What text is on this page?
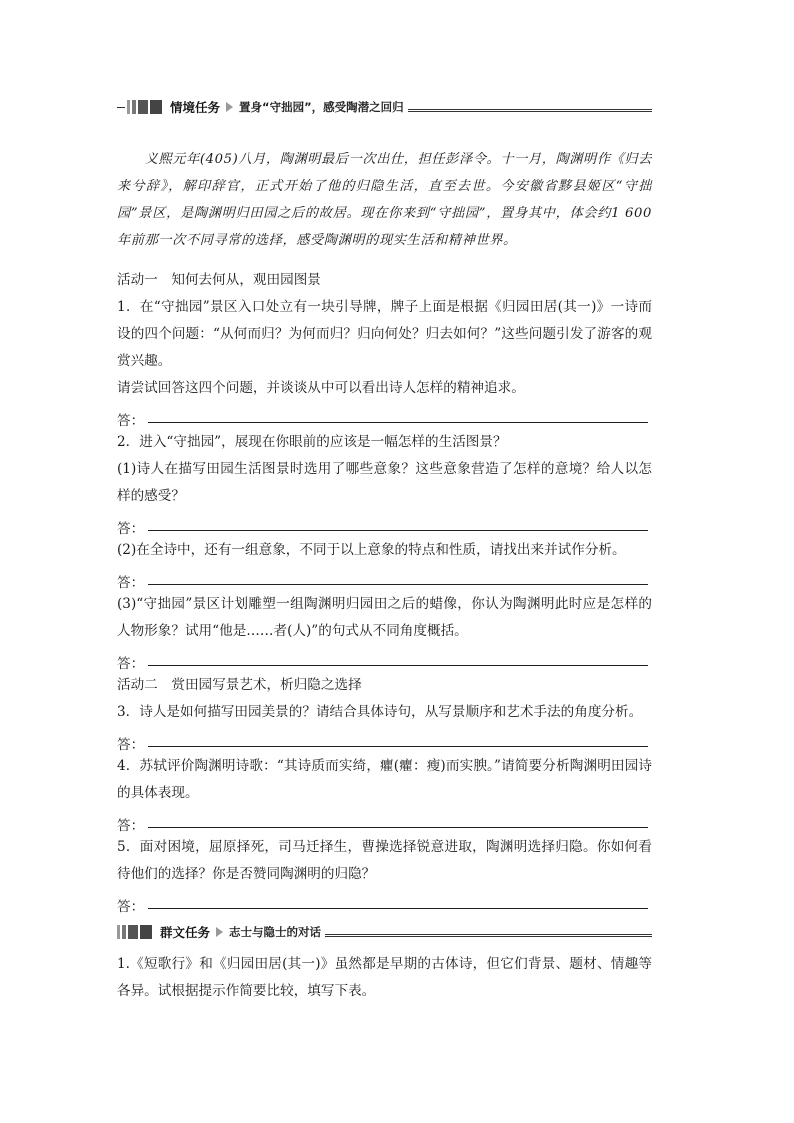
情境任务 置身“守拙园”，感受陶潜之回归

义熙元年(405)八月，陶渊明最后一次出仕，担任彭泽令。十一月，陶渊明作《归去来兮辞》，解印辞官，正式开始了他的归隐生活，直至去世。今安徽省黟县姬区“守拙园”景区，是陶渊明归田园之后的故居。现在你来到“守拙园”，置身其中，体会约1 600年前那一次不同寻常的选择，感受陶渊明的现实生活和精神世界。

活动一　知何去何从，观田园图景

1．在“守拙园”景区入口处立有一块引导牌，牌子上面是根据《归园田居(其一)》一诗而设的四个问题：“从何而归？为何而归？归向何处？归去如何？”这些问题引发了游客的观赏兴趣。

请尝试回答这四个问题，并谈谈从中可以看出诗人怎样的精神追求。

答：

2．进入“守拙园”，展现在你眼前的应该是一幅怎样的生活图景？

(1)诗人在描写田园生活图景时选用了哪些意象？这些意象营造了怎样的意境？给人以怎样的感受？

答：

(2)在全诗中，还有一组意象，不同于以上意象的特点和性质，请找出来并试作分析。

答：

(3)“守拙园”景区计划雕塑一组陶渊明归园田之后的蜡像，你认为陶渊明此时应是怎样的人物形象？试用“他是……者(人)”的句式从不同角度概括。

答：

活动二　赏田园写景艺术，析归隐之选择

3．诗人是如何描写田园美景的？请结合具体诗句，从写景顺序和艺术手法的角度分析。

答：

4．苏轼评价陶渊明诗歌：“其诗质而实绮，癯(癯：瘦)而实腴。”请简要分析陶渊明田园诗的具体表现。

答：

5．面对困境，屈原择死，司马迁择生，曹操选择锐意进取，陶渊明选择归隐。你如何看待他们的选择？你是否赞同陶渊明的归隐？

答：
群文任务 志士与隐士的对话

1.《短歌行》和《归园田居(其一)》虽然都是早期的古体诗，但它们背景、题材、情趣等各异。试根据提示作简要比较，填写下表。
